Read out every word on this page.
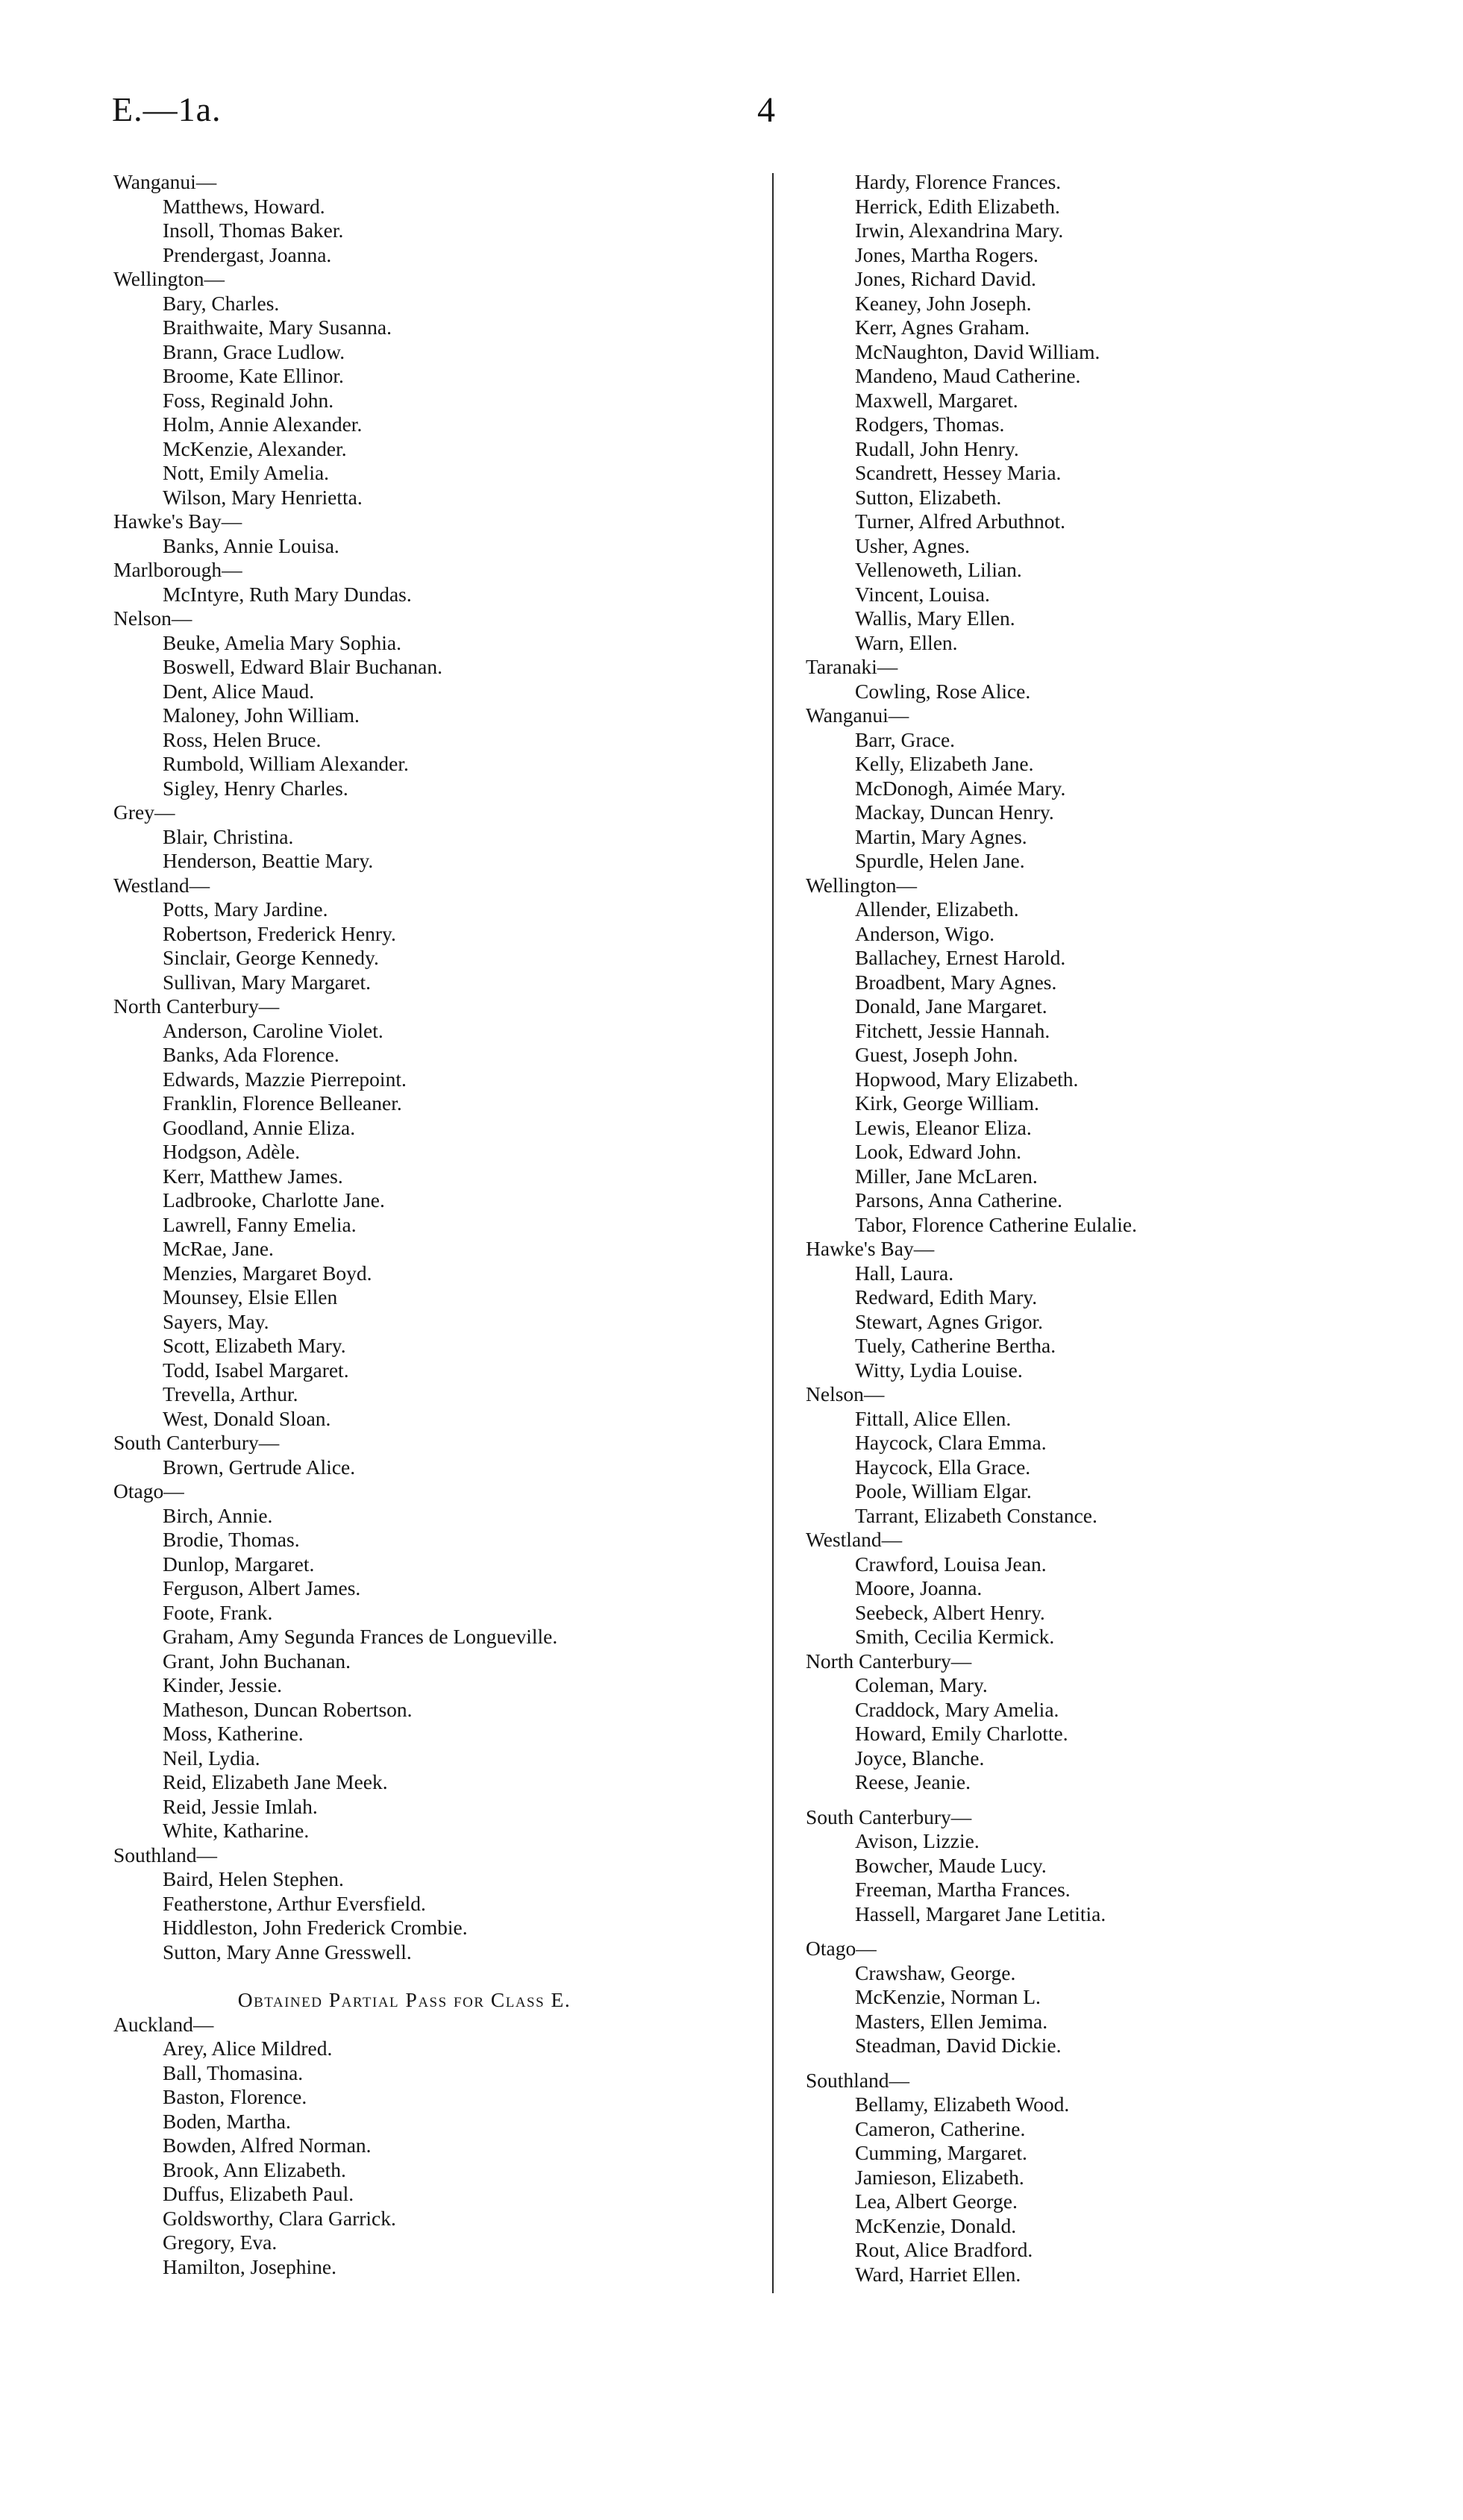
E.—1a.	4
Wanganui—
Matthews, Howard.
Insoll, Thomas Baker.
Prendergast, Joanna.
Wellington—
Bary, Charles.
Braithwaite, Mary Susanna.
Brann, Grace Ludlow.
Broome, Kate Ellinor.
Foss, Reginald John.
Holm, Annie Alexander.
McKenzie, Alexander.
Nott, Emily Amelia.
Wilson, Mary Henrietta.
Hawke's Bay—
Banks, Annie Louisa.
Marlborough—
McIntyre, Ruth Mary Dundas.
Nelson—
Beuke, Amelia Mary Sophia.
Boswell, Edward Blair Buchanan.
Dent, Alice Maud.
Maloney, John William.
Ross, Helen Bruce.
Rumbold, William Alexander.
Sigley, Henry Charles.
Grey—
Blair, Christina.
Henderson, Beattie Mary.
Westland—
Potts, Mary Jardine.
Robertson, Frederick Henry.
Sinclair, George Kennedy.
Sullivan, Mary Margaret.
North Canterbury—
Anderson, Caroline Violet.
Banks, Ada Florence.
Edwards, Mazzie Pierrepoint.
Franklin, Florence Belleaner.
Goodland, Annie Eliza.
Hodgson, Adèle.
Kerr, Matthew James.
Ladbrooke, Charlotte Jane.
Lawrell, Fanny Emelia.
McRae, Jane.
Menzies, Margaret Boyd.
Mounsey, Elsie Ellen
Sayers, May.
Scott, Elizabeth Mary.
Todd, Isabel Margaret.
Trevella, Arthur.
West, Donald Sloan.
South Canterbury—
Brown, Gertrude Alice.
Otago—
Birch, Annie.
Brodie, Thomas.
Dunlop, Margaret.
Ferguson, Albert James.
Foote, Frank.
Graham, Amy Segunda Frances de Longueville.
Grant, John Buchanan.
Kinder, Jessie.
Matheson, Duncan Robertson.
Moss, Katherine.
Neil, Lydia.
Reid, Elizabeth Jane Meek.
Reid, Jessie Imlah.
White, Katharine.
Southland—
Baird, Helen Stephen.
Featherstone, Arthur Eversfield.
Hiddleston, John Frederick Crombie.
Sutton, Mary Anne Gresswell.
Obtained Partial Pass for Class E.
Auckland—
Arey, Alice Mildred.
Ball, Thomasina.
Baston, Florence.
Boden, Martha.
Bowden, Alfred Norman.
Brook, Ann Elizabeth.
Duffus, Elizabeth Paul.
Goldsworthy, Clara Garrick.
Gregory, Eva.
Hamilton, Josephine.
Hardy, Florence Frances.
Herrick, Edith Elizabeth.
Irwin, Alexandrina Mary.
Jones, Martha Rogers.
Jones, Richard David.
Keaney, John Joseph.
Kerr, Agnes Graham.
McNaughton, David William.
Mandeno, Maud Catherine.
Maxwell, Margaret.
Rodgers, Thomas.
Rudall, John Henry.
Scandrett, Hessey Maria.
Sutton, Elizabeth.
Turner, Alfred Arbuthnot.
Usher, Agnes.
Vellenoweth, Lilian.
Vincent, Louisa.
Wallis, Mary Ellen.
Warn, Ellen.
Taranaki—
Cowling, Rose Alice.
Wanganui—
Barr, Grace.
Kelly, Elizabeth Jane.
McDonogh, Aimée Mary.
Mackay, Duncan Henry.
Martin, Mary Agnes.
Spurdle, Helen Jane.
Wellington—
Allender, Elizabeth.
Anderson, Wigo.
Ballachey, Ernest Harold.
Broadbent, Mary Agnes.
Donald, Jane Margaret.
Fitchett, Jessie Hannah.
Guest, Joseph John.
Hopwood, Mary Elizabeth.
Kirk, George William.
Lewis, Eleanor Eliza.
Look, Edward John.
Miller, Jane McLaren.
Parsons, Anna Catherine.
Tabor, Florence Catherine Eulalie.
Hawke's Bay—
Hall, Laura.
Redward, Edith Mary.
Stewart, Agnes Grigor.
Tuely, Catherine Bertha.
Witty, Lydia Louise.
Nelson—
Fittall, Alice Ellen.
Haycock, Clara Emma.
Haycock, Ella Grace.
Poole, William Elgar.
Tarrant, Elizabeth Constance.
Westland—
Crawford, Louisa Jean.
Moore, Joanna.
Seebeck, Albert Henry.
Smith, Cecilia Kermick.
North Canterbury—
Coleman, Mary.
Craddock, Mary Amelia.
Howard, Emily Charlotte.
Joyce, Blanche.
Reese, Jeanie.
South Canterbury—
Avison, Lizzie.
Bowcher, Maude Lucy.
Freeman, Martha Frances.
Hassell, Margaret Jane Letitia.
Otago—
Crawshaw, George.
McKenzie, Norman L.
Masters, Ellen Jemima.
Steadman, David Dickie.
Southland—
Bellamy, Elizabeth Wood.
Cameron, Catherine.
Cumming, Margaret.
Jamieson, Elizabeth.
Lea, Albert George.
McKenzie, Donald.
Rout, Alice Bradford.
Ward, Harriet Ellen.
